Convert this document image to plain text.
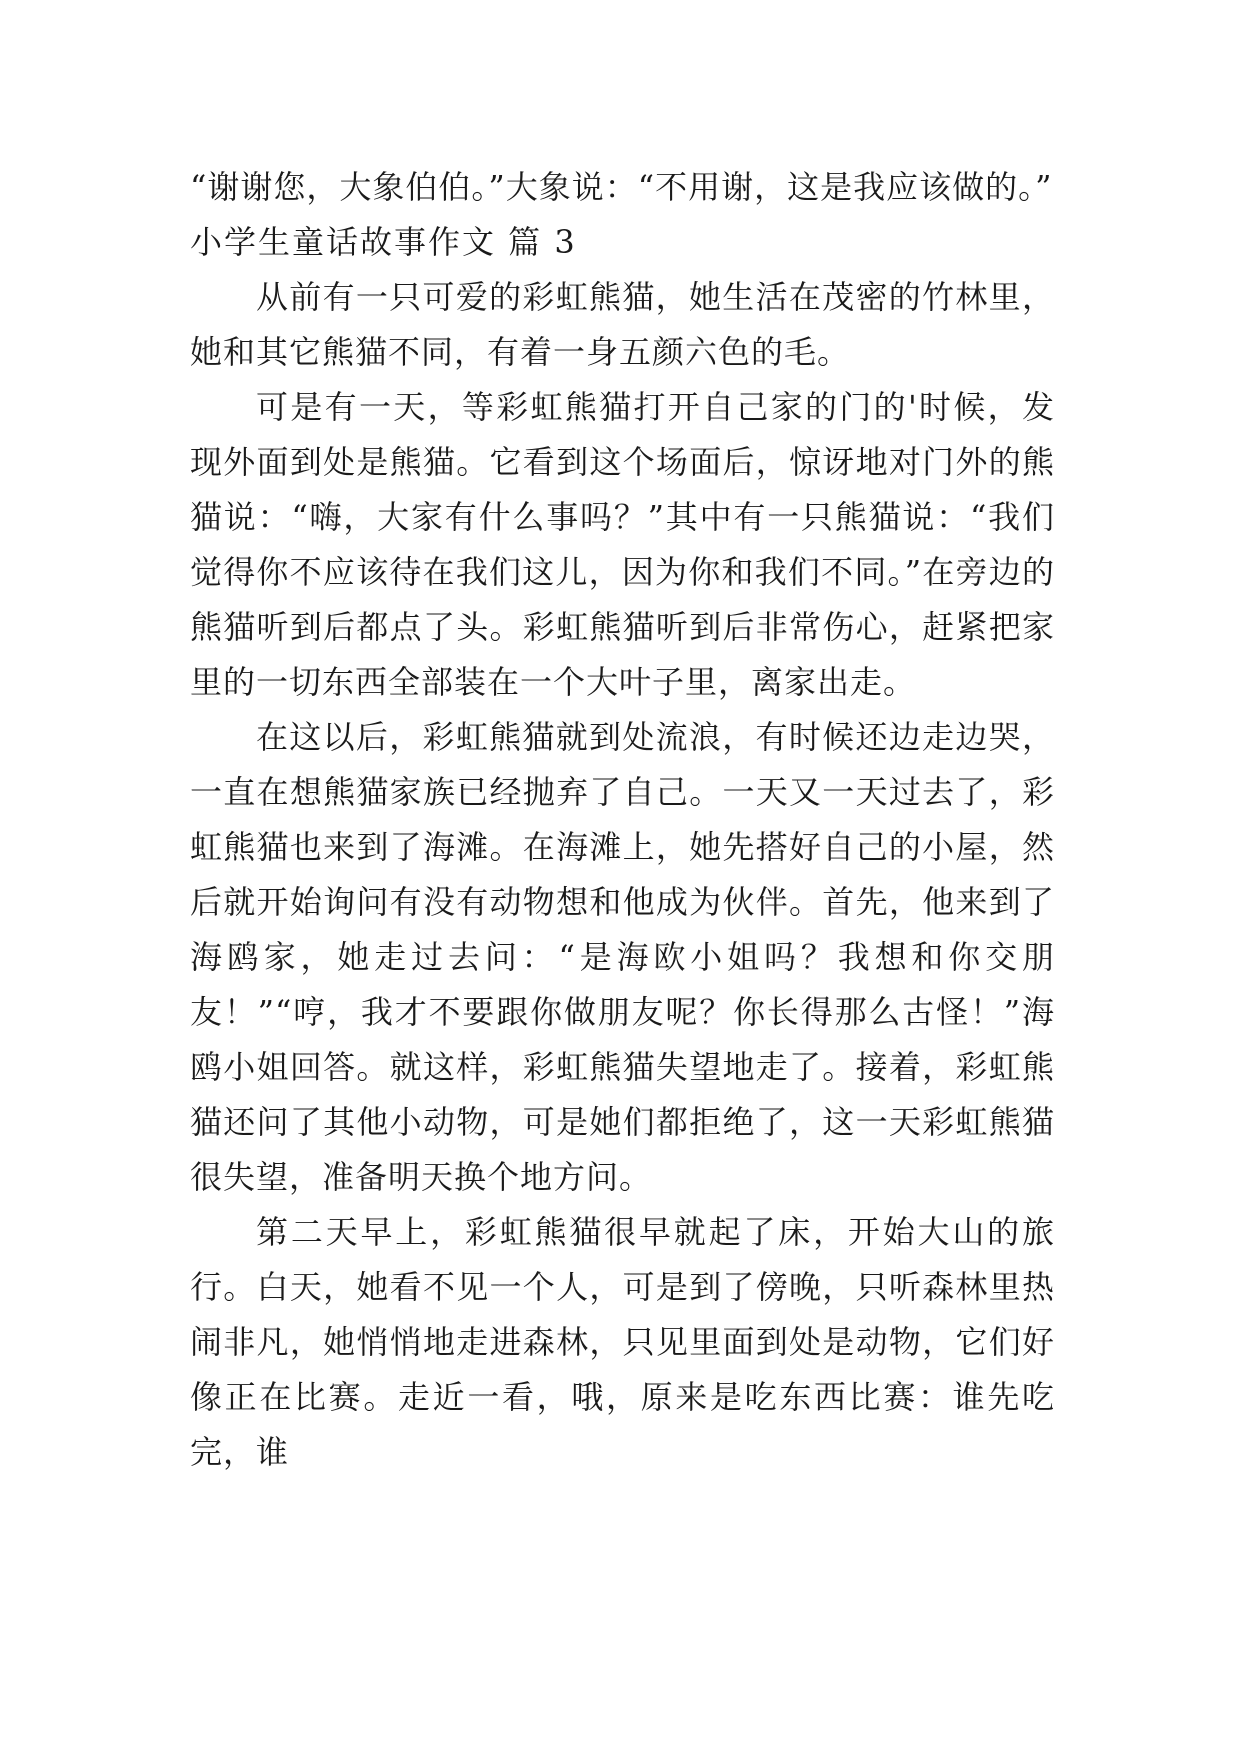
“谢谢您，大象伯伯。”大象说：“不用谢，这是我应该做的。”

小学生童话故事作文 篇 3

从前有一只可爱的彩虹熊猫，她生活在茂密的竹林里，她和其它熊猫不同，有着一身五颜六色的毛。

可是有一天，等彩虹熊猫打开自己家的门的'时候，发现外面到处是熊猫。它看到这个场面后，惊讶地对门外的熊猫说：“嗨，大家有什么事吗？”其中有一只熊猫说：“我们觉得你不应该待在我们这儿，因为你和我们不同。”在旁边的熊猫听到后都点了头。彩虹熊猫听到后非常伤心，赶紧把家里的一切东西全部装在一个大叶子里，离家出走。

在这以后，彩虹熊猫就到处流浪，有时候还边走边哭，一直在想熊猫家族已经抛弃了自己。一天又一天过去了，彩虹熊猫也来到了海滩。在海滩上，她先搭好自己的小屋，然后就开始询问有没有动物想和他成为伙伴。首先，他来到了海鸥家，她走过去问：“是海欧小姐吗？我想和你交朋友！”“哼，我才不要跟你做朋友呢？你长得那么古怪！”海鸥小姐回答。就这样，彩虹熊猫失望地走了。接着，彩虹熊猫还问了其他小动物，可是她们都拒绝了，这一天彩虹熊猫很失望，准备明天换个地方问。

第二天早上，彩虹熊猫很早就起了床，开始大山的旅行。白天，她看不见一个人，可是到了傍晚，只听森林里热闹非凡，她悄悄地走进森林，只见里面到处是动物，它们好像正在比赛。走近一看，哦，原来是吃东西比赛：谁先吃完，谁
